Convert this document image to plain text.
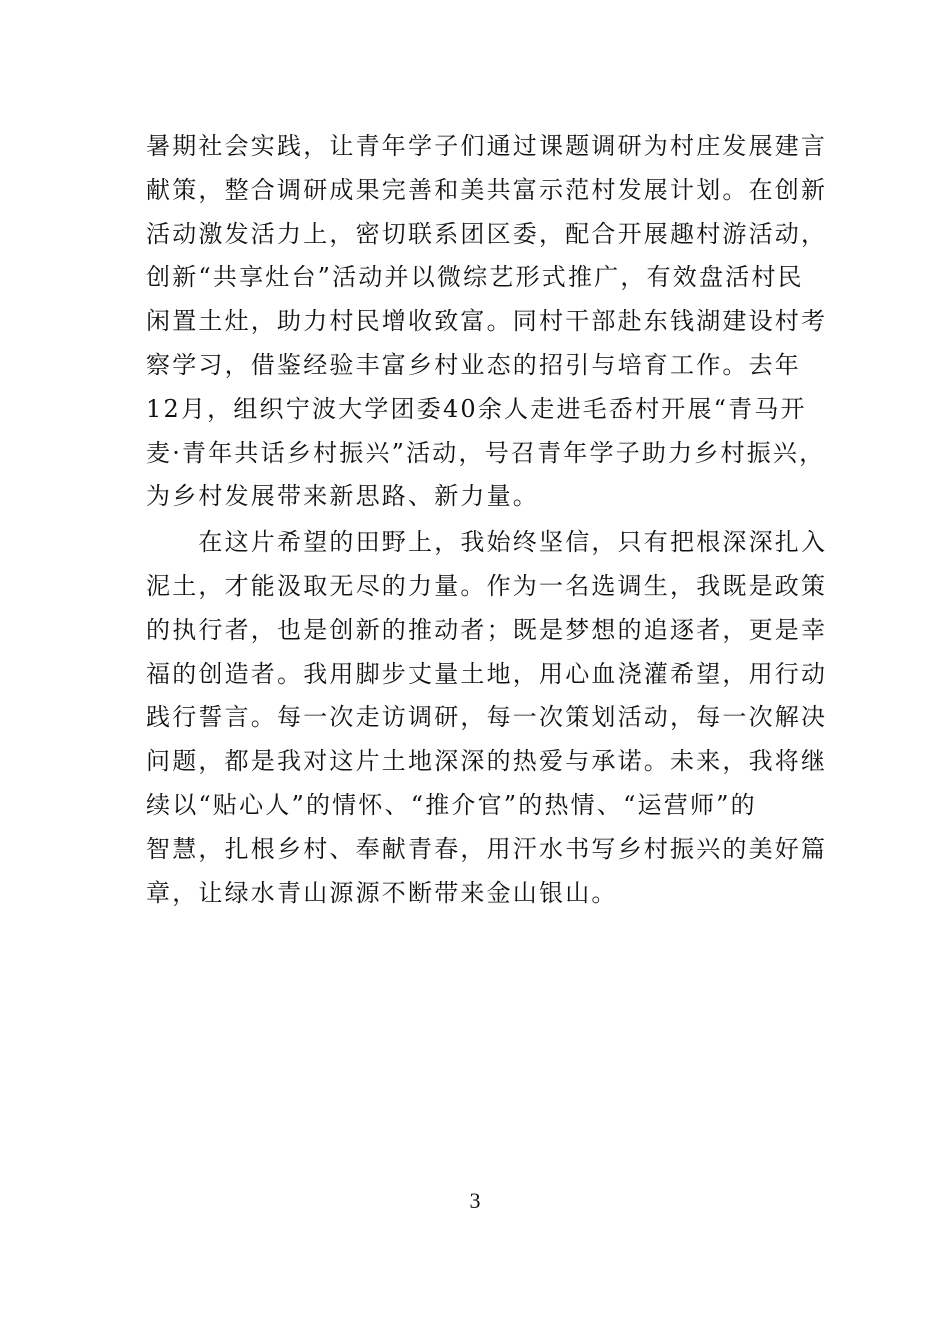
暑期社会实践，让青年学子们通过课题调研为村庄发展建言
献策，整合调研成果完善和美共富示范村发展计划。在创新
活动激发活力上，密切联系团区委，配合开展趣村游活动，
创新“共享灶台”活动并以微综艺形式推广，有效盘活村民
闲置土灶，助力村民增收致富。同村干部赴东钱湖建设村考
察学习，借鉴经验丰富乡村业态的招引与培育工作。去年
12月，组织宁波大学团委40余人走进毛岙村开展“青马开
麦·青年共话乡村振兴”活动，号召青年学子助力乡村振兴，
为乡村发展带来新思路、新力量。
　　在这片希望的田野上，我始终坚信，只有把根深深扎入
泥土，才能汲取无尽的力量。作为一名选调生，我既是政策
的执行者，也是创新的推动者；既是梦想的追逐者，更是幸
福的创造者。我用脚步丈量土地，用心血浇灌希望，用行动
践行誓言。每一次走访调研，每一次策划活动，每一次解决
问题，都是我对这片土地深深的热爱与承诺。未来，我将继
续以“贴心人”的情怀、“推介官”的热情、“运营师”的
智慧，扎根乡村、奉献青春，用汗水书写乡村振兴的美好篇
章，让绿水青山源源不断带来金山银山。
3
